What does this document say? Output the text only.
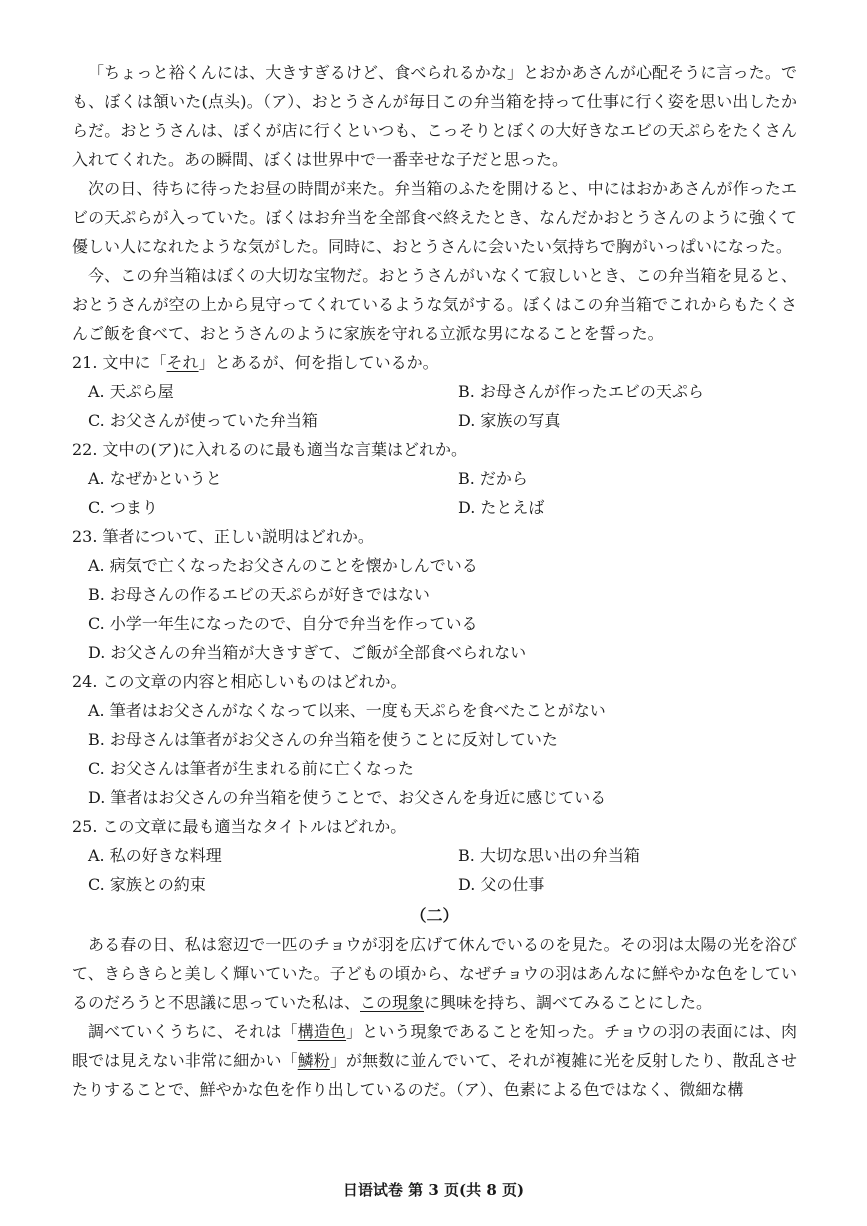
「ちょっと裕くんには、大きすぎるけど、食べられるかな」とおかあさんが心配そうに言った。でも、ぼくは頷いた(点头)。（ア）、おとうさんが毎日この弁当箱を持って仕事に行く姿を思い出したからだ。おとうさんは、ぼくが店に行くといつも、こっそりとぼくの大好きなエビの天ぷらをたくさん入れてくれた。あの瞬間、ぼくは世界中で一番幸せな子だと思った。

次の日、待ちに待ったお昼の時間が来た。弁当箱のふたを開けると、中にはおかあさんが作ったエビの天ぷらが入っていた。ぼくはお弁当を全部食べ終えたとき、なんだかおとうさんのように強くて優しい人になれたような気がした。同時に、おとうさんに会いたい気持ちで胸がいっぱいになった。

今、この弁当箱はぼくの大切な宝物だ。おとうさんがいなくて寂しいとき、この弁当箱を見ると、おとうさんが空の上から見守ってくれているような気がする。ぼくはこの弁当箱でこれからもたくさんご飯を食べて、おとうさんのように家族を守れる立派な男になることを誓った。

21. 文中に「それ」とあるが、何を指しているか。

A. 天ぷら屋	B. お母さんが作ったエビの天ぷら
C. お父さんが使っていた弁当箱	D. 家族の写真

22. 文中の(ア)に入れるのに最も適当な言葉はどれか。

A. なぜかというと	B. だから
C. つまり	D. たとえば

23. 筆者について、正しい説明はどれか。

A. 病気で亡くなったお父さんのことを懐かしんでいる
B. お母さんの作るエビの天ぷらが好きではない
C. 小学一年生になったので、自分で弁当を作っている
D. お父さんの弁当箱が大きすぎて、ご飯が全部食べられない

24. この文章の内容と相応しいものはどれか。

A. 筆者はお父さんがなくなって以来、一度も天ぷらを食べたことがない
B. お母さんは筆者がお父さんの弁当箱を使うことに反対していた
C. お父さんは筆者が生まれる前に亡くなった
D. 筆者はお父さんの弁当箱を使うことで、お父さんを身近に感じている

25. この文章に最も適当なタイトルはどれか。

A. 私の好きな料理	B. 大切な思い出の弁当箱
C. 家族との約束	D. 父の仕事

（二）

ある春の日、私は窓辺で一匹のチョウが羽を広げて休んでいるのを見た。その羽は太陽の光を浴びて、きらきらと美しく輝いていた。子どもの頃から、なぜチョウの羽はあんなに鮮やかな色をしているのだろうと不思議に思っていた私は、この現象に興味を持ち、調べてみることにした。

調べていくうちに、それは「構造色」という現象であることを知った。チョウの羽の表面には、肉眼では見えない非常に細かい「鱗粉」が無数に並んでいて、それが複雑に光を反射したり、散乱させたりすることで、鮮やかな色を作り出しているのだ。（ア）、色素による色ではなく、微細な構

日语试卷 第 3 页(共 8 页)
